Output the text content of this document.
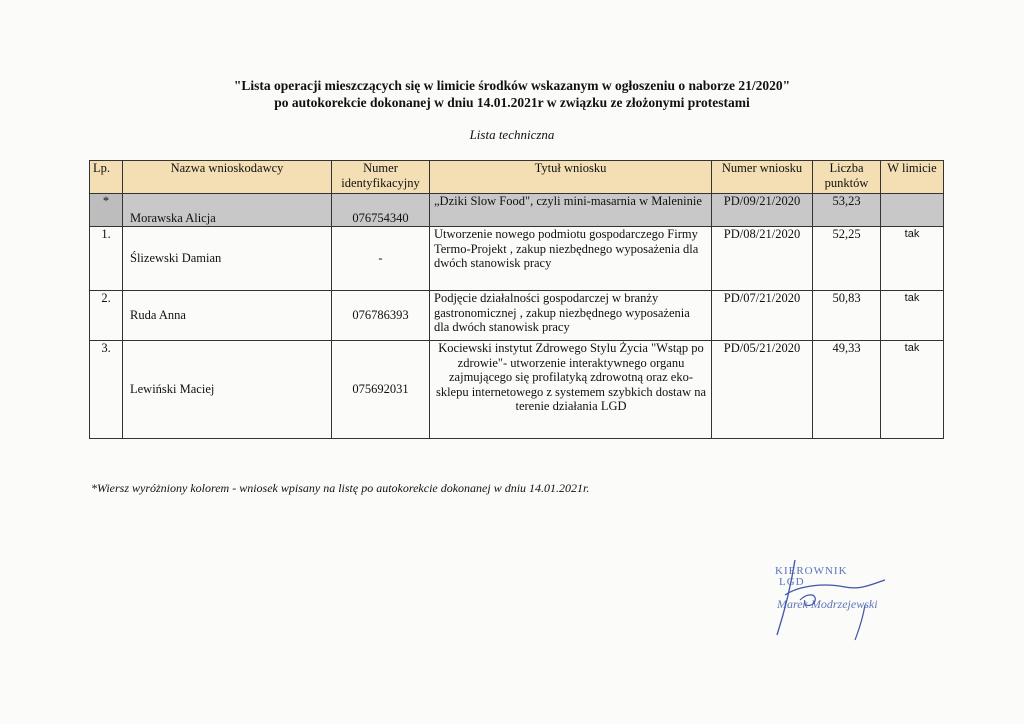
"Lista operacji mieszczących się w limicie środków wskazanym w ogłoszeniu o naborze 21/2020"
po autokorekcie dokonanej w dniu 14.01.2021r w związku ze złożonymi protestami
Lista techniczna
Lp.	Nazwa wnioskodawcy	Numer identyfikacyjny	Tytuł wniosku	Numer wniosku	Liczba punktów	W limicie
*	Morawska Alicja	076754340	„Dziki Slow Food", czyli mini-masarnia w Maleninie	PD/09/21/2020	53,23	
1.	Ślizewski Damian	-	Utworzenie nowego podmiotu gospodarczego Firmy Termo-Projekt , zakup niezbędnego wyposażenia dla dwóch stanowisk pracy	PD/08/21/2020	52,25	tak
2.	Ruda Anna	076786393	Podjęcie działalności gospodarczej w branży gastronomicznej , zakup niezbędnego wyposażenia dla dwóch stanowisk pracy	PD/07/21/2020	50,83	tak
3.	Lewiński Maciej	075692031	Kociewski instytut Zdrowego Stylu Życia "Wstąp po zdrowie"- utworzenie interaktywnego organu zajmującego się profilatyką zdrowotną oraz eko-sklepu internetowego z systemem szybkich dostaw na terenie działania LGD	PD/05/21/2020	49,33	tak
*Wiersz wyróżniony kolorem - wniosek wpisany na listę po autokorekcie dokonanej w dniu 14.01.2021r.
KIEROWNIK
LGD
Marek Modrzejewski
